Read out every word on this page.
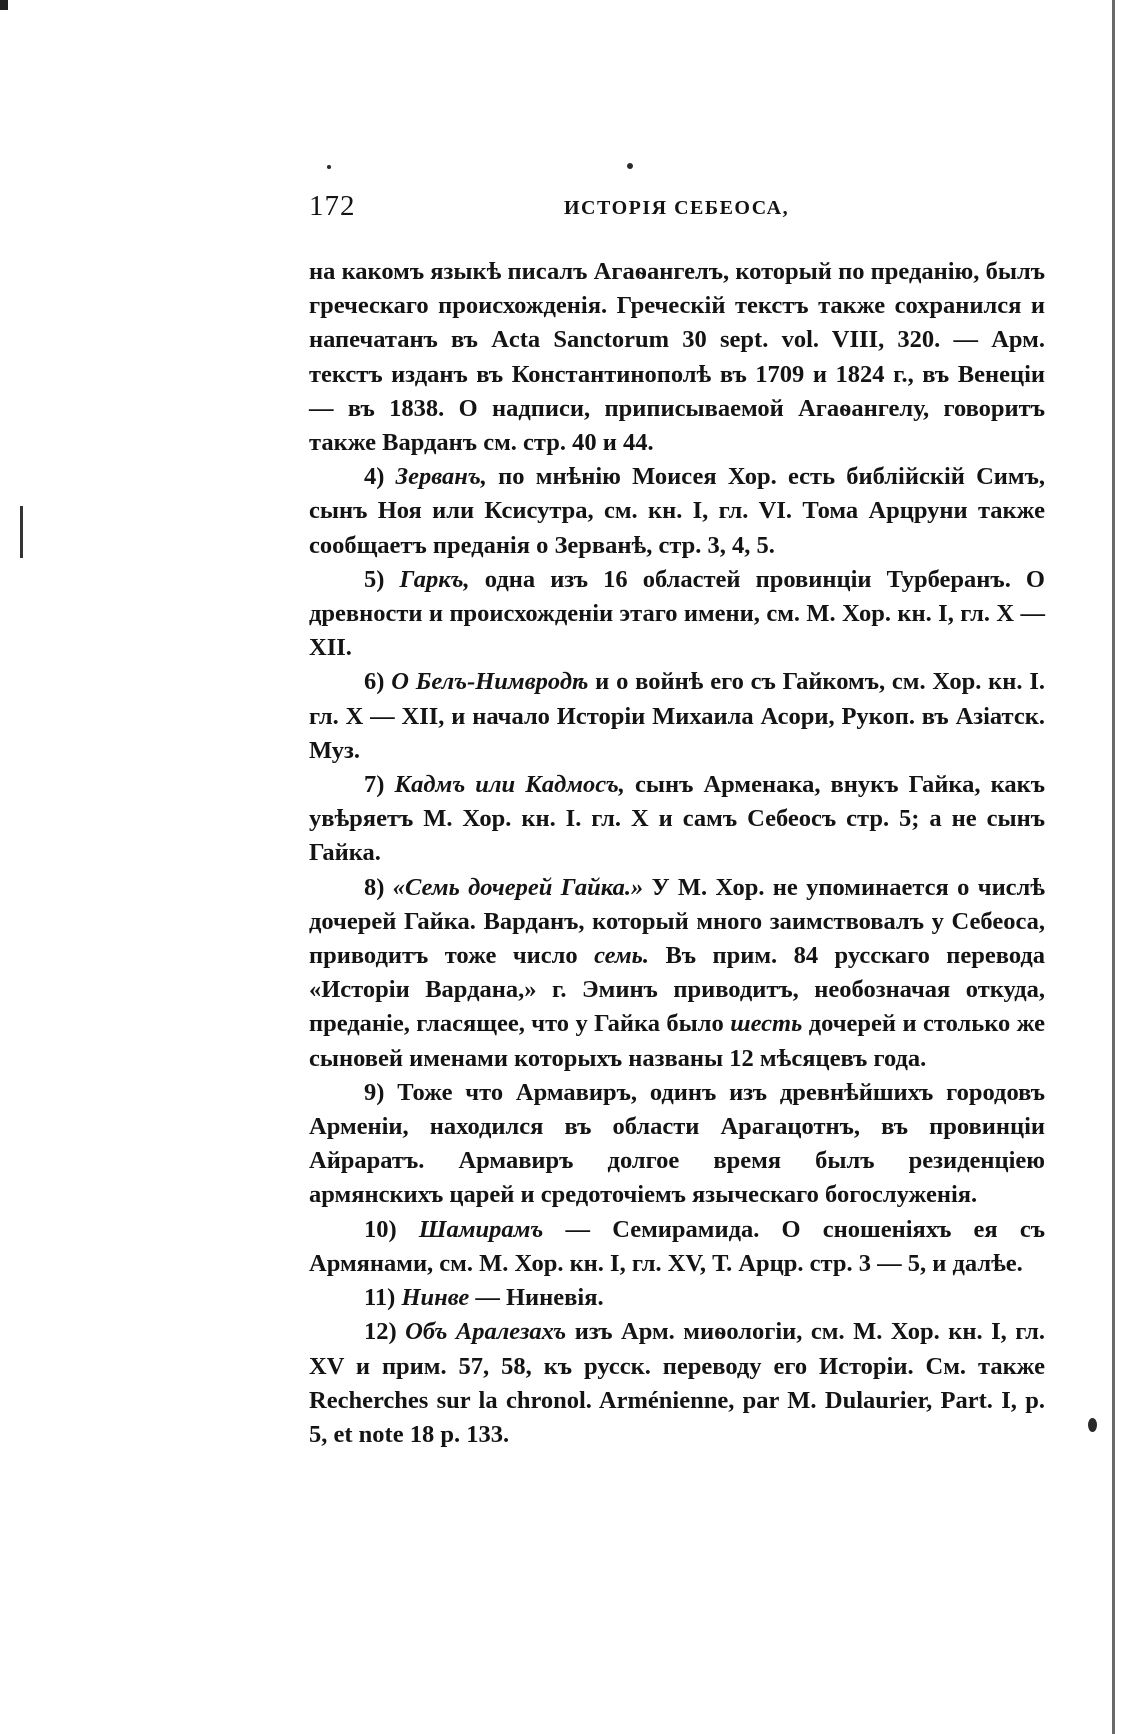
172	ИСТОРІЯ СЕБЕОСА,

на какомъ языкѣ писалъ Агаѳангелъ, который по преданію, былъ греческаго происхожденія. Греческій текстъ также сохранился и напечатанъ въ Acta Sanctorum 30 sept. vol. VIII, 320. — Арм. текстъ изданъ въ Константинополѣ въ 1709 и 1824 г., въ Венеціи — въ 1838. О надписи, приписываемой Агаѳангелу, говоритъ также Варданъ см. стр. 40 и 44.

4) Зерванъ, по мнѣнію Моисея Хор. есть библійскій Симъ, сынъ Ноя или Ксисутра, см. кн. I, гл. VI. Тома Арцруни также сообщаетъ преданія о Зерванѣ, стр. 3, 4, 5.

5) Гаркъ, одна изъ 16 областей провинціи Турберанъ. О древности и происхожденіи этаго имени, см. М. Хор. кн. I, гл. X — XII.

6) О Белъ-Нимвродѣ и о войнѣ его съ Гайкомъ, см. Хор. кн. I. гл. X — XII, и начало Исторіи Михаила Асори, Рукоп. въ Азіатск. Муз.

7) Кадмъ или Кадмосъ, сынъ Арменака, внукъ Гайка, какъ увѣряетъ М. Хор. кн. I. гл. X и самъ Себеосъ стр. 5; а не сынъ Гайка.

8) «Семь дочерей Гайка.» У М. Хор. не упоминается о числѣ дочерей Гайка. Варданъ, который много заимствовалъ у Себеоса, приводитъ тоже число семь. Въ прим. 84 русскаго перевода «Исторіи Вардана,» г. Эминъ приводитъ, необозначая откуда, преданіе, гласящее, что у Гайка было шесть дочерей и столько же сыновей именами которыхъ названы 12 мѣсяцевъ года.

9) Тоже что Армавиръ, одинъ изъ древнѣйшихъ городовъ Арменіи, находился въ области Арагацотнъ, въ провинціи Айраратъ. Армавиръ долгое время былъ резиденціею армянскихъ царей и средоточіемъ языческаго богослуженія.

10) Шамирамъ — Семирамида. О сношеніяхъ ея съ Армянами, см. М. Хор. кн. I, гл. XV, Т. Арцр. стр. 3 — 5, и далѣе.

11) Нинве — Ниневія.

12) Объ Аралезахъ изъ Арм. миѳологіи, см. М. Хор. кн. I, гл. XV и прим. 57, 58, къ русск. переводу его Исторіи. См. также Recherches sur la chronol. Arménienne, par M. Dulaurier, Part. I, p. 5, et note 18 p. 133.
